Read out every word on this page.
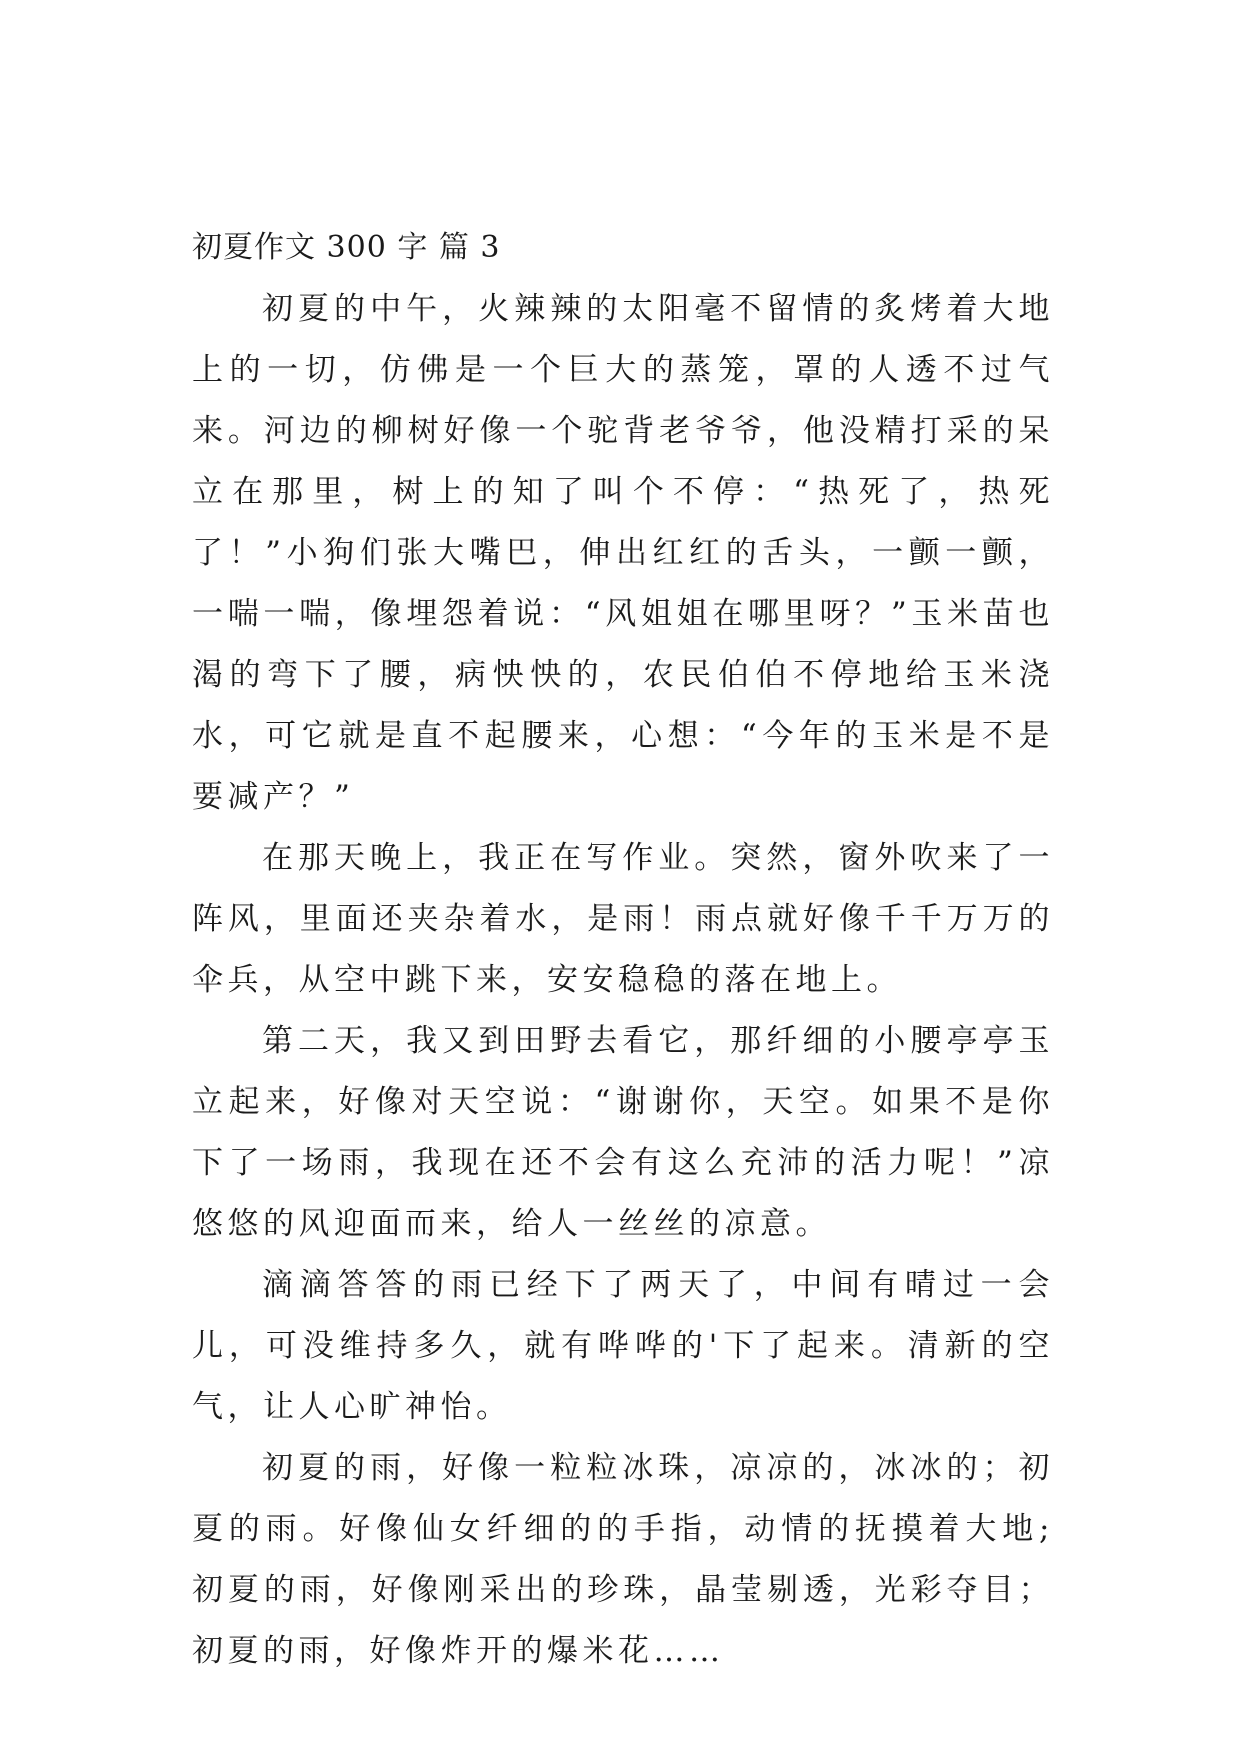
初夏作文 300 字 篇 3

初夏的中午，火辣辣的太阳毫不留情的炙烤着大地上的一切，仿佛是一个巨大的蒸笼，罩的人透不过气来。河边的柳树好像一个驼背老爷爷，他没精打采的呆立在那里，树上的知了叫个不停：“热死了，热死了！”小狗们张大嘴巴，伸出红红的舌头，一颤一颤，一喘一喘，像埋怨着说：“风姐姐在哪里呀？”玉米苗也渴的弯下了腰，病怏怏的，农民伯伯不停地给玉米浇水，可它就是直不起腰来，心想：“今年的玉米是不是要减产？”

在那天晚上，我正在写作业。突然，窗外吹来了一阵风，里面还夹杂着水，是雨！雨点就好像千千万万的伞兵，从空中跳下来，安安稳稳的落在地上。

第二天，我又到田野去看它，那纤细的小腰亭亭玉立起来，好像对天空说：“谢谢你，天空。如果不是你下了一场雨，我现在还不会有这么充沛的活力呢！”凉悠悠的风迎面而来，给人一丝丝的凉意。

滴滴答答的雨已经下了两天了，中间有晴过一会儿，可没维持多久，就有哗哗的'下了起来。清新的空气，让人心旷神怡。

初夏的雨，好像一粒粒冰珠，凉凉的，冰冰的；初夏的雨。好像仙女纤细的的手指，动情的抚摸着大地;初夏的雨，好像刚采出的珍珠，晶莹剔透，光彩夺目；初夏的雨，好像炸开的爆米花……
